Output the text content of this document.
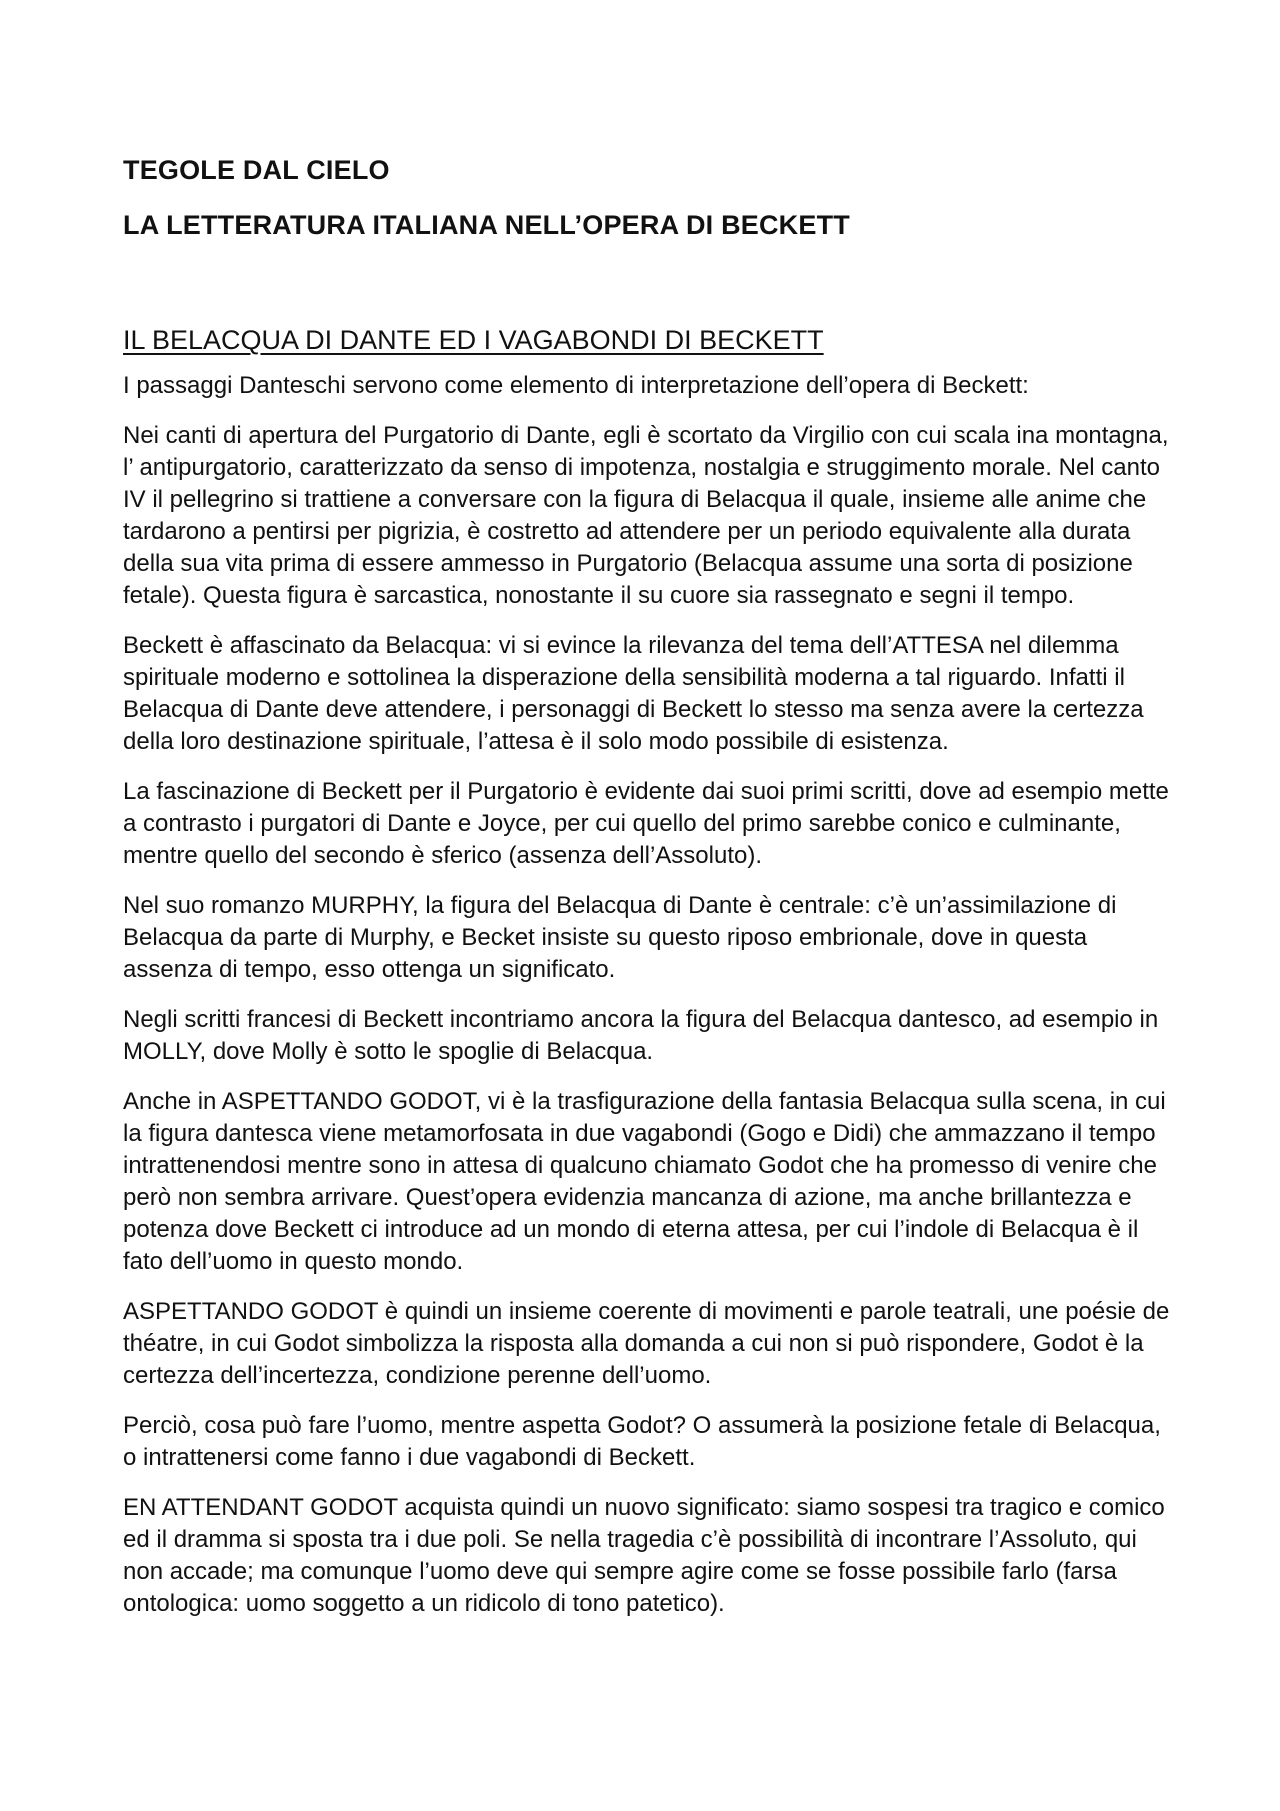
TEGOLE DAL CIELO
LA LETTERATURA ITALIANA NELL’OPERA DI BECKETT
IL BELACQUA DI DANTE ED I VAGABONDI DI BECKETT

I passaggi Danteschi servono come elemento di interpretazione dell’opera di Beckett:

Nei canti di apertura del Purgatorio di Dante, egli è scortato da Virgilio con cui scala ina montagna, l’ antipurgatorio, caratterizzato da senso di impotenza, nostalgia e struggimento morale. Nel canto IV il pellegrino si trattiene a conversare con la figura di Belacqua il quale, insieme alle anime che tardarono a pentirsi per pigrizia, è costretto ad attendere per un periodo equivalente alla durata della sua vita prima di essere ammesso in Purgatorio (Belacqua assume una sorta di posizione fetale). Questa figura è sarcastica, nonostante il su cuore sia rassegnato e segni il tempo.

Beckett è affascinato da Belacqua: vi si evince la rilevanza del tema dell’ATTESA nel dilemma spirituale moderno e sottolinea la disperazione della sensibilità moderna a tal riguardo. Infatti il Belacqua di Dante deve attendere, i personaggi di Beckett lo stesso ma senza avere la certezza della loro destinazione spirituale, l’attesa è il solo modo possibile di esistenza.

La fascinazione di Beckett per il Purgatorio è evidente dai suoi primi scritti, dove ad esempio mette a contrasto i purgatori di Dante e Joyce, per cui quello del primo sarebbe conico e culminante, mentre quello del secondo è sferico (assenza dell’Assoluto).

Nel suo romanzo MURPHY, la figura del Belacqua di Dante è centrale: c’è un’assimilazione di Belacqua da parte di Murphy, e Becket insiste su questo riposo embrionale, dove in questa assenza di tempo, esso ottenga un significato.

Negli scritti francesi di Beckett incontriamo ancora la figura del Belacqua dantesco, ad esempio in MOLLY, dove Molly è sotto le spoglie di Belacqua.

Anche in ASPETTANDO GODOT, vi è la trasfigurazione della fantasia Belacqua sulla scena, in cui la figura dantesca viene metamorfosata in due vagabondi (Gogo e Didi) che ammazzano il tempo intrattenendosi mentre sono in attesa di qualcuno chiamato Godot che ha promesso di venire che però non sembra arrivare. Quest’opera evidenzia mancanza di azione, ma anche brillantezza e potenza dove Beckett ci introduce ad un mondo di eterna attesa, per cui l’indole di Belacqua è il fato dell’uomo in questo mondo.

ASPETTANDO GODOT è quindi un insieme coerente di movimenti e parole teatrali, une poésie de théatre, in cui Godot simbolizza la risposta alla domanda a cui non si può rispondere, Godot è la certezza dell’incertezza, condizione perenne dell’uomo.

Perciò, cosa può fare l’uomo, mentre aspetta Godot? O assumerà la posizione fetale di Belacqua, o intrattenersi come fanno i due vagabondi di Beckett.

EN ATTENDANT GODOT acquista quindi un nuovo significato: siamo sospesi tra tragico e comico ed il dramma si sposta tra i due poli. Se nella tragedia c’è possibilità di incontrare l’Assoluto, qui non accade; ma comunque l’uomo deve qui sempre agire come se fosse possibile farlo (farsa ontologica: uomo soggetto a un ridicolo di tono patetico).
